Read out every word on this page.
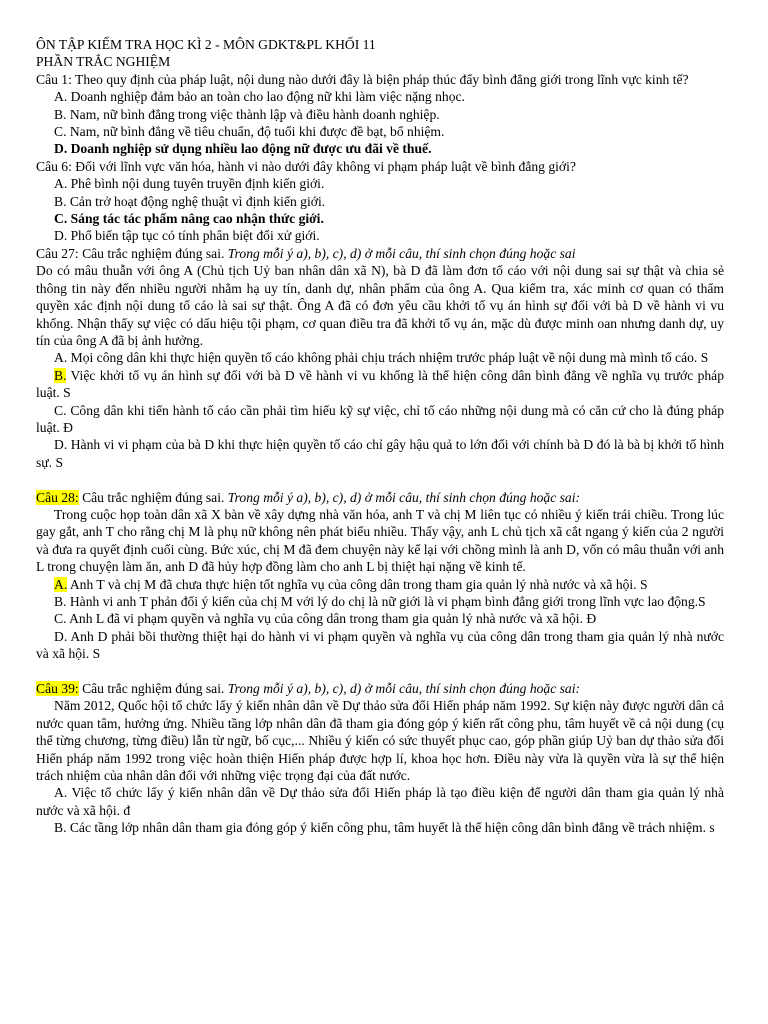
ÔN TẬP KIỂM TRA HỌC KÌ 2 - MÔN GDKT&PL KHỐI 11

PHẦN TRẮC NGHIỆM

Câu 1: Theo quy định của pháp luật, nội dung nào dưới đây là biện pháp thúc đẩy bình đẳng giới trong lĩnh vực kinh tế?

A. Doanh nghiệp đảm bảo an toàn cho lao động nữ khi làm việc nặng nhọc.

B. Nam, nữ bình đẳng trong việc thành lập và điều hành doanh nghiệp.

C. Nam, nữ bình đẳng về tiêu chuẩn, độ tuổi khi được đề bạt, bổ nhiệm.

D. Doanh nghiệp sử dụng nhiều lao động nữ được ưu đãi về thuế.

Câu 6: Đối với lĩnh vực văn hóa, hành vi nào dưới đây không vi phạm pháp luật về bình đẳng giới?

A. Phê bình nội dung tuyên truyền định kiến giới.

B. Cản trở hoạt động nghệ thuật vì định kiến giới.

C. Sáng tác tác phẩm nâng cao nhận thức giới.

D. Phổ biến tập tục có tính phân biệt đối xử giới.

Câu 27: Câu trắc nghiệm đúng sai. Trong mỗi ý a), b), c), d) ở mỗi câu, thí sinh chọn đúng hoặc sai

Do có mâu thuẫn với ông A (Chủ tịch Uỷ ban nhân dân xã N), bà D đã làm đơn tố cáo với nội dung sai sự thật và chia sẻ thông tin này đến nhiều người nhằm hạ uy tín, danh dự, nhân phẩm của ông A. Qua kiểm tra, xác minh cơ quan có thẩm quyền xác định nội dung tố cáo là sai sự thật. Ông A đã có đơn yêu cầu khởi tố vụ án hình sự đối với bà D về hành vi vu khống. Nhận thấy sự việc có dấu hiệu tội phạm, cơ quan điều tra đã khởi tố vụ án, mặc dù được minh oan nhưng danh dự, uy tín của ông A đã bị ảnh hưởng.

A. Mọi công dân khi thực hiện quyền tố cáo không phải chịu trách nhiệm trước pháp luật về nội dung mà mình tố cáo. S

B. Việc khởi tố vụ án hình sự đối với bà D về hành vi vu khống là thể hiện công dân bình đẳng về nghĩa vụ trước pháp luật. S

C. Công dân khi tiến hành tố cáo cần phải tìm hiểu kỹ sự việc, chỉ tố cáo những nội dung mà có căn cứ cho là đúng pháp luật. Đ

D. Hành vi vi phạm của bà D khi thực hiện quyền tố cáo chỉ gây hậu quả to lớn đối với chính bà D đó là bà bị khởi tố hình sự. S

Câu 28: Câu trắc nghiệm đúng sai. Trong mỗi ý a), b), c), d) ở mỗi câu, thí sinh chọn đúng hoặc sai:

Trong cuộc họp toàn dân xã X bàn về xây dựng nhà văn hóa, anh T và chị M liên tục có nhiều ý kiến trái chiều. Trong lúc gay gắt, anh T cho rằng chị M là phụ nữ không nên phát biểu nhiều. Thấy vậy, anh L chủ tịch xã cắt ngang ý kiến của 2 người và đưa ra quyết định cuối cùng. Bức xúc, chị M đã đem chuyện này kể lại với chồng mình là anh D, vốn có mâu thuẫn với anh L trong chuyện làm ăn, anh D đã hủy hợp đồng làm cho anh L bị thiệt hại nặng về kinh tế.

A. Anh T và chị M đã chưa thực hiện tốt nghĩa vụ của công dân trong tham gia quản lý nhà nước và xã hội. S

B. Hành vi anh T phản đối ý kiến của chị M với lý do chị là nữ giới là vi phạm bình đẳng giới trong lĩnh vực lao động.S

C. Anh L đã vi phạm quyền và nghĩa vụ của công dân trong tham gia quản lý nhà nước và xã hội. Đ

D. Anh D phải bồi thường thiệt hại do hành vi vi phạm quyền và nghĩa vụ của công dân trong tham gia quản lý nhà nước và xã hội. S

Câu 39: Câu trắc nghiệm đúng sai. Trong mỗi ý a), b), c), d) ở mỗi câu, thí sinh chọn đúng hoặc sai:

Năm 2012, Quốc hội tổ chức lấy ý kiến nhân dân về Dự thảo sửa đổi Hiến pháp năm 1992. Sự kiện này được người dân cả nước quan tâm, hưởng ứng. Nhiều tầng lớp nhân dân đã tham gia đóng góp ý kiến rất công phu, tâm huyết về cả nội dung (cụ thể từng chương, từng điều) lẫn từ ngữ, bố cục,... Nhiều ý kiến có sức thuyết phục cao, góp phần giúp Uỷ ban dự thảo sửa đổi Hiến pháp năm 1992 trong việc hoàn thiện Hiến pháp được hợp lí, khoa học hơn. Điều này vừa là quyền vừa là sự thể hiện trách nhiệm của nhân dân đối với những việc trọng đại của đất nước.

A. Việc tổ chức lấy ý kiến nhân dân về Dự thảo sửa đổi Hiến pháp là tạo điều kiện để người dân tham gia quản lý nhà nước và xã hội. đ

B. Các tầng lớp nhân dân tham gia đóng góp ý kiến công phu, tâm huyết là thể hiện công dân bình đẳng về trách nhiệm. s
